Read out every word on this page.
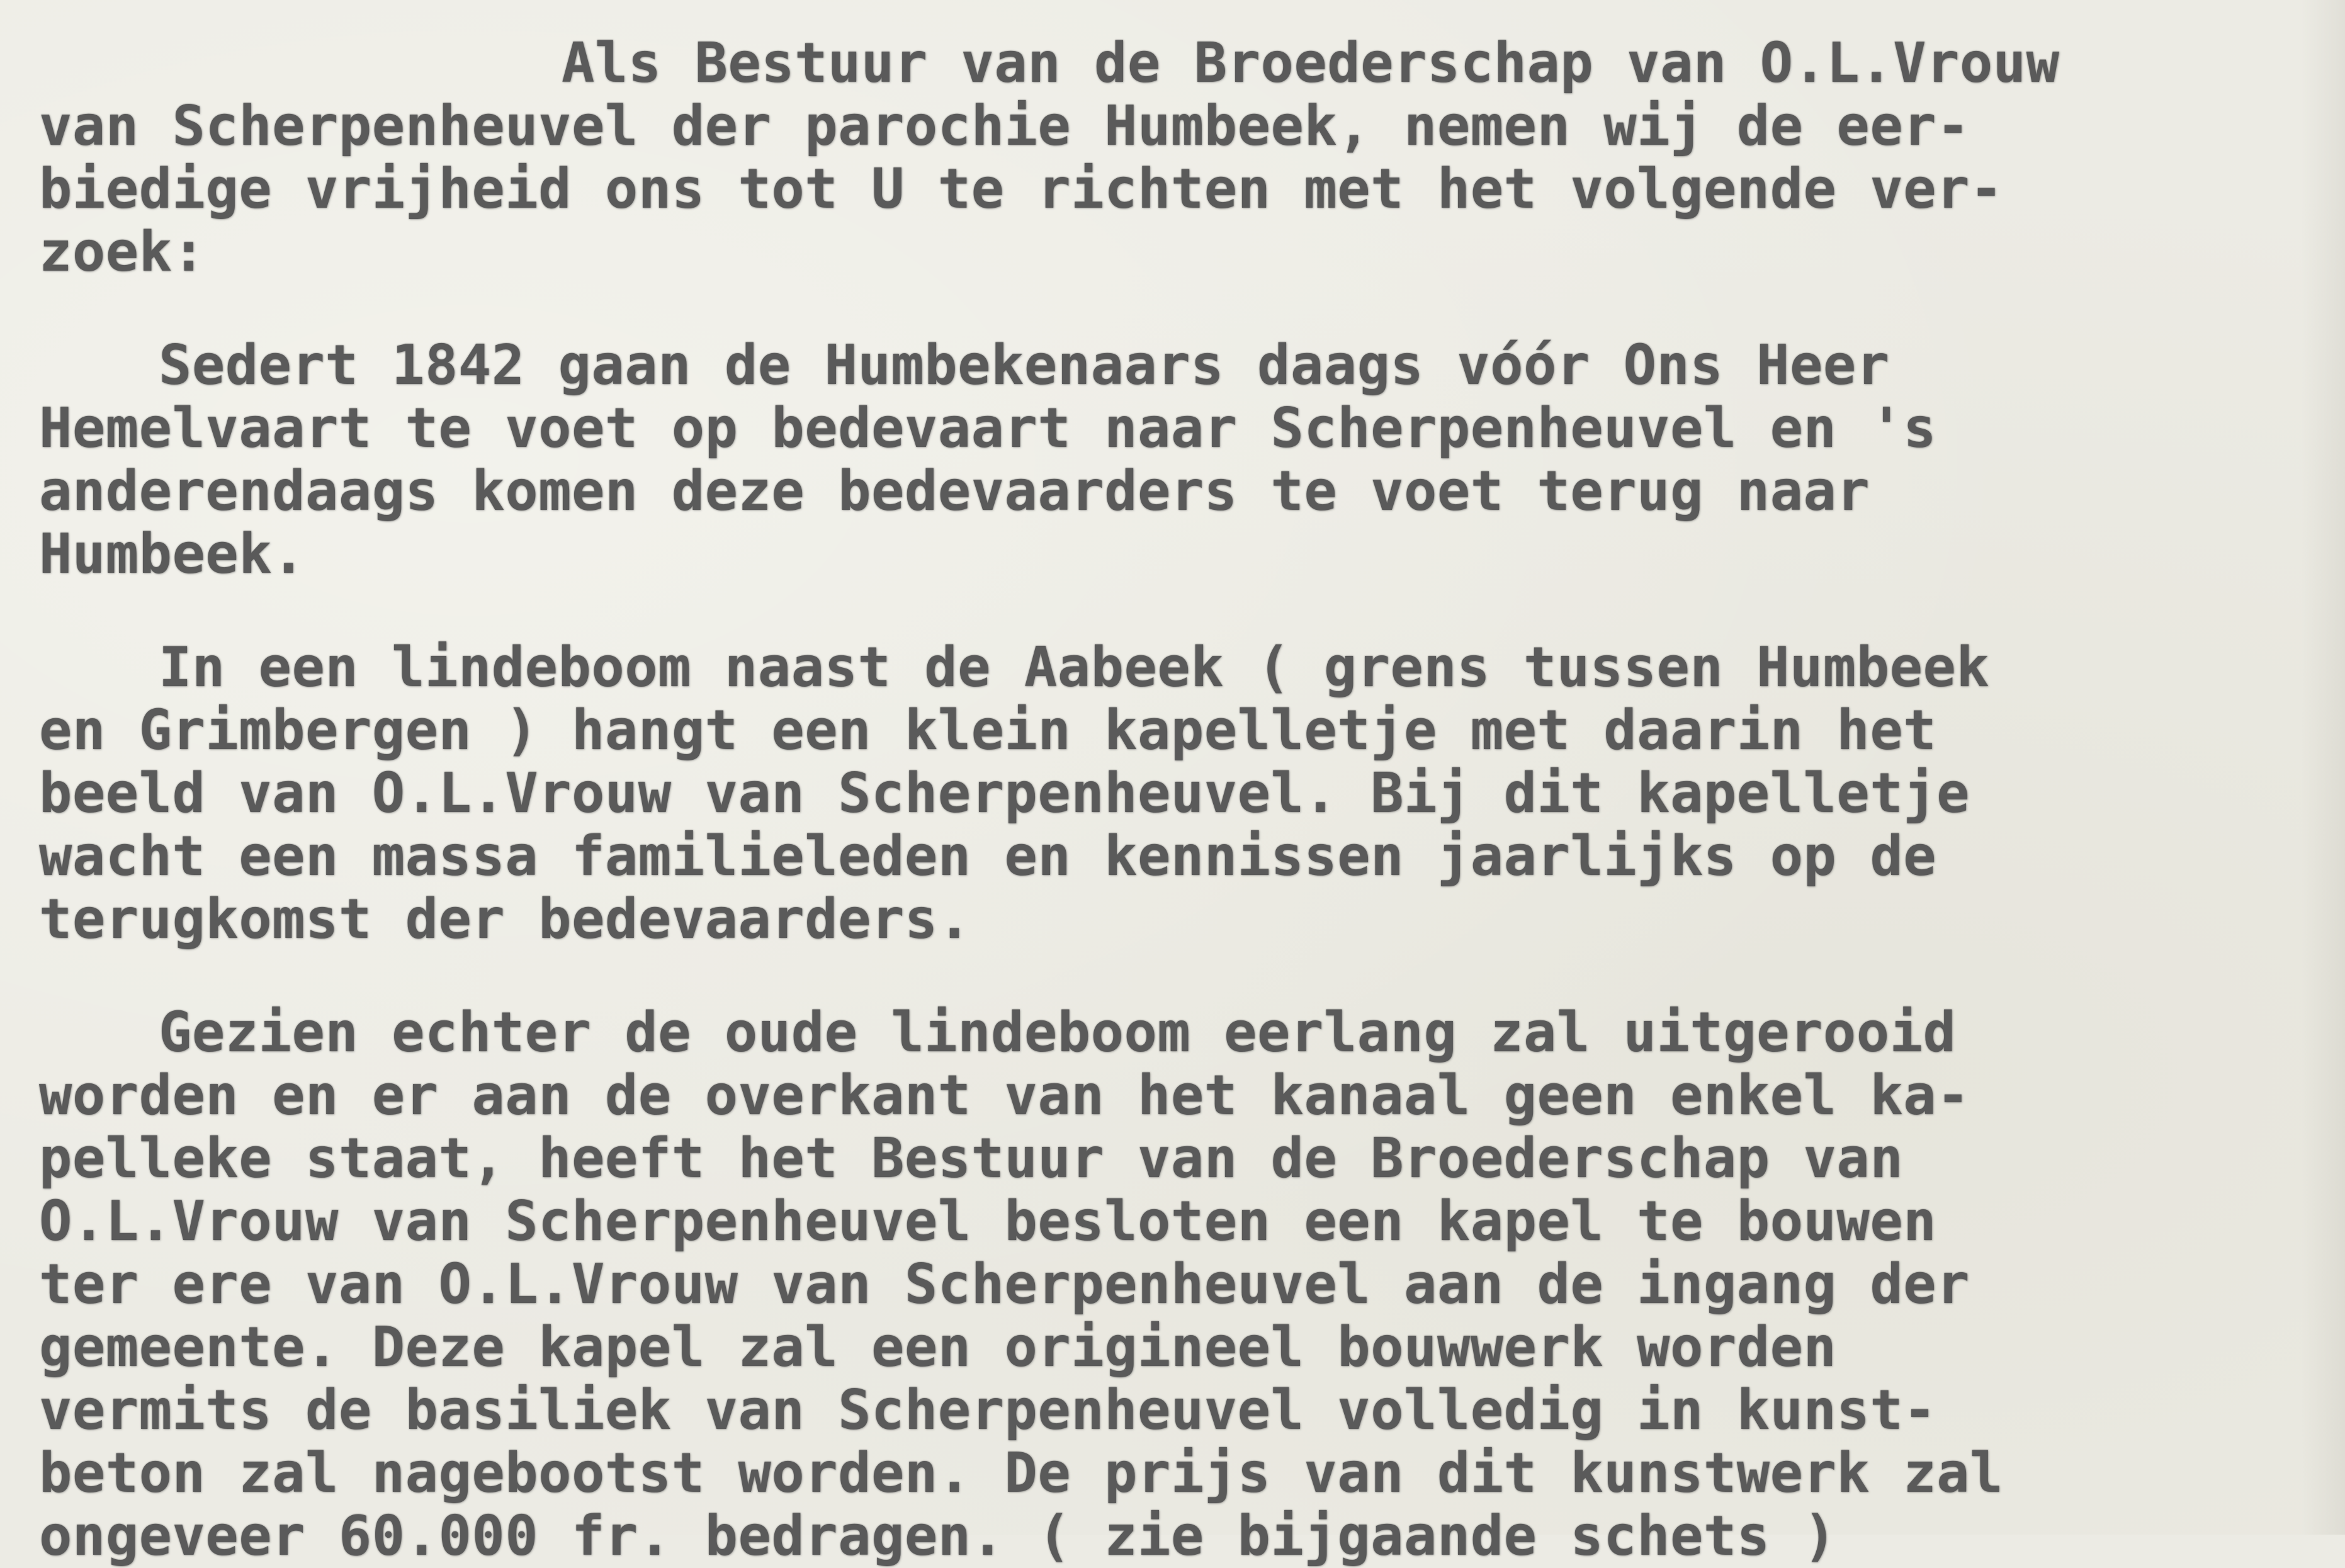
Als Bestuur van de Broederschap van O.L.Vrouw
van Scherpenheuvel der parochie Humbeek, nemen wij de eer-
biedige vrijheid ons tot U te richten met het volgende ver-
zoek:
Sedert 1842 gaan de Humbekenaars daags vóór Ons Heer
Hemelvaart te voet op bedevaart naar Scherpenheuvel en 's
anderendaags komen deze bedevaarders te voet terug naar
Humbeek.
In een lindeboom naast de Aabeek ( grens tussen Humbeek
en Grimbergen ) hangt een klein kapelletje met daarin het
beeld van O.L.Vrouw van Scherpenheuvel. Bij dit kapelletje
wacht een massa familieleden en kennissen jaarlijks op de
terugkomst der bedevaarders.
Gezien echter de oude lindeboom eerlang zal uitgerooid
worden en er aan de overkant van het kanaal geen enkel ka-
pelleke staat, heeft het Bestuur van de Broederschap van
O.L.Vrouw van Scherpenheuvel besloten een kapel te bouwen
ter ere van O.L.Vrouw van Scherpenheuvel aan de ingang der
gemeente. Deze kapel zal een origineel bouwwerk worden
vermits de basiliek van Scherpenheuvel volledig in kunst-
beton zal nagebootst worden. De prijs van dit kunstwerk zal
ongeveer 60.000 fr. bedragen. ( zie bijgaande schets )
